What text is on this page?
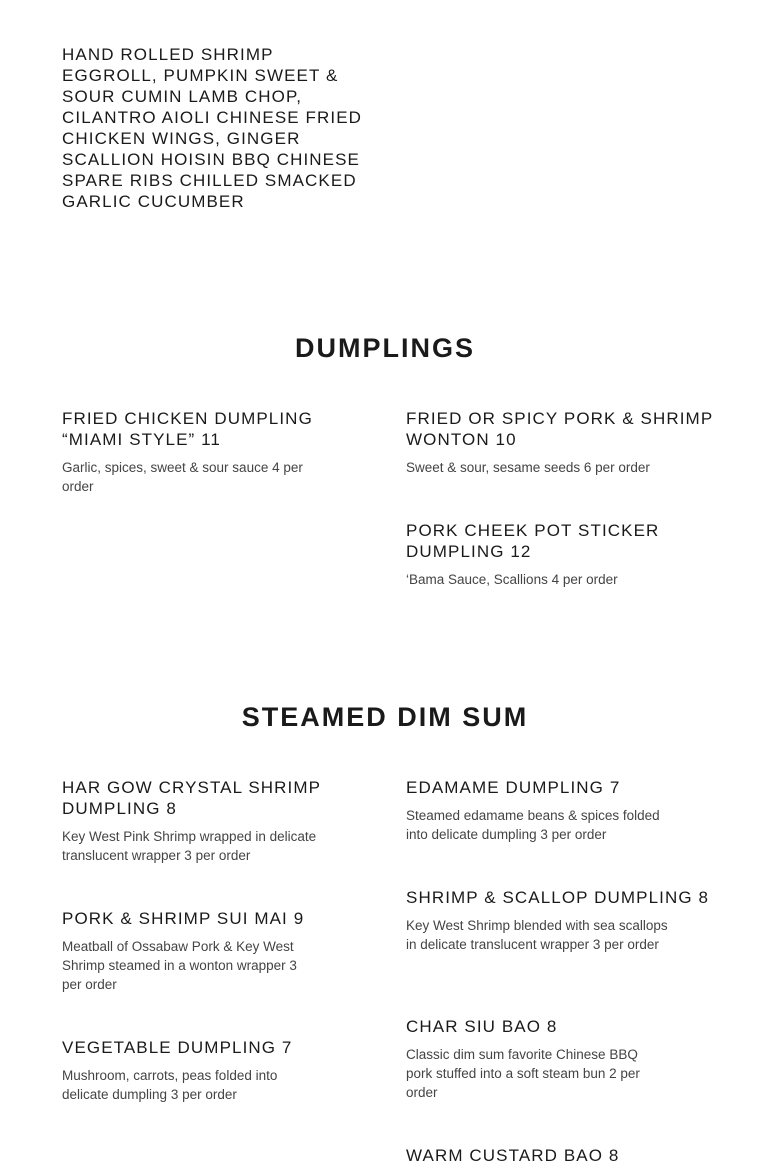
HAND ROLLED SHRIMP EGGROLL, PUMPKIN SWEET & SOUR CUMIN LAMB CHOP, CILANTRO AIOLI CHINESE FRIED CHICKEN WINGS, GINGER SCALLION HOISIN BBQ CHINESE SPARE RIBS CHILLED SMACKED GARLIC CUCUMBER
DUMPLINGS
FRIED CHICKEN DUMPLING “MIAMI STYLE” 11

Garlic, spices, sweet & sour sauce 4 per order

FRIED OR SPICY PORK & SHRIMP WONTON 10

Sweet & sour, sesame seeds 6 per order

PORK CHEEK POT STICKER DUMPLING 12

‘Bama Sauce, Scallions 4 per order

STEAMED DIM SUM
HAR GOW CRYSTAL SHRIMP DUMPLING 8

Key West Pink Shrimp wrapped in delicate translucent wrapper 3 per order

EDAMAME DUMPLING 7

Steamed edamame beans & spices folded into delicate dumpling 3 per order

PORK & SHRIMP SUI MAI 9

Meatball of Ossabaw Pork & Key West Shrimp steamed in a wonton wrapper 3 per order

SHRIMP & SCALLOP DUMPLING 8

Key West Shrimp blended with sea scallops in delicate translucent wrapper 3 per order

VEGETABLE DUMPLING 7

Mushroom, carrots, peas folded into delicate dumpling 3 per order

CHAR SIU BAO 8

Classic dim sum favorite Chinese BBQ pork stuffed into a soft steam bun 2 per order

WARM CUSTARD BAO 8
